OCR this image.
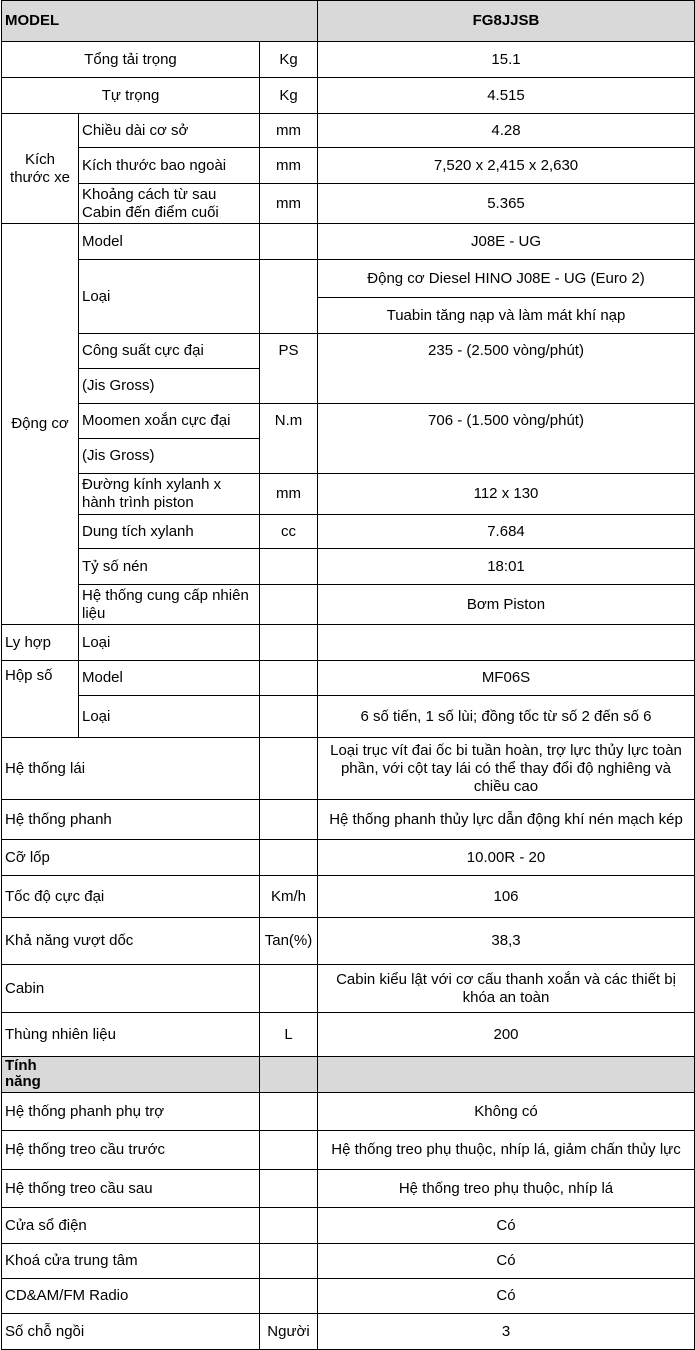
MODEL			FG8JJSB
Tổng tải trọng		Kg	15.1
Tự trọng		Kg	4.515
Kích thước xe	Chiều dài cơ sở	mm	4.28
	Kích thước bao ngoài	mm	7,520 x 2,415 x 2,630
	Khoảng cách từ sau Cabin đến điểm cuối	mm	5.365
Động cơ	Model		J08E - UG
	Loại		Động cơ Diesel HINO J08E - UG (Euro 2)
			Tuabin tăng nạp và làm mát khí nạp
	Công suất cực đại	PS	235 - (2.500 vòng/phút)
	(Jis Gross)		
	Moomen xoắn cực đại	N.m	706 - (1.500 vòng/phút)
	(Jis Gross)		
	Đường kính xylanh x hành trình piston	mm	112 x 130
	Dung tích xylanh	cc	7.684
	Tỷ số nén		18:01
	Hệ thống cung cấp nhiên liệu		Bơm Piston
Ly hợp	Loại		
Hộp số	Model		MF06S
	Loại		6 số tiến, 1 số lùi; đồng tốc từ số 2 đến số 6
Hệ thống lái			Loại trục vít đai ốc bi tuần hoàn, trợ lực thủy lực toàn phần, với cột tay lái có thể thay đổi độ nghiêng và chiều cao
Hệ thống phanh			Hệ thống phanh thủy lực dẫn động khí nén mạch kép
Cỡ lốp			10.00R - 20
Tốc độ cực đại		Km/h	106
Khả năng vượt dốc		Tan(%)	38,3
Cabin			Cabin kiểu lật với cơ cấu thanh xoắn và các thiết bị khóa an toàn
Thùng nhiên liệu		L	200

Tính năng			

Hệ thống phanh phụ trợ			Không có
Hệ thống treo cầu trước			Hệ thống treo phụ thuộc, nhíp lá, giảm chấn thủy lực
Hệ thống treo cầu sau			Hệ thống treo phụ thuộc, nhíp lá
Cửa sổ điện			Có
Khoá cửa trung tâm			Có
CD&AM/FM Radio			Có
Số chỗ ngồi		Người	3
